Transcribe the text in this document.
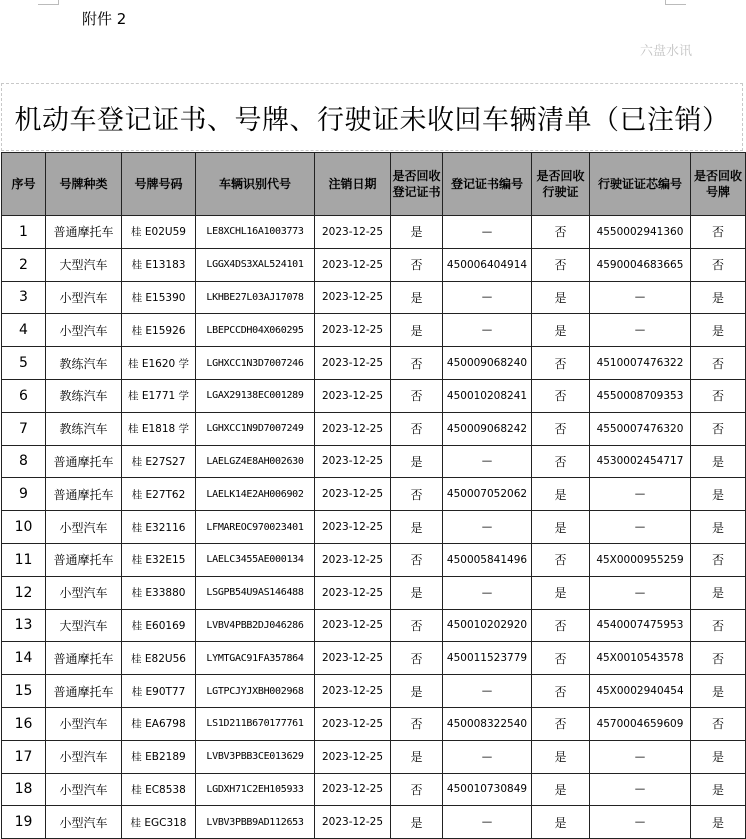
附件 2
六盘水讯
机动车登记证书、号牌、行驶证未收回车辆清单（已注销）
序号	号牌种类	号牌号码	车辆识别代号	注销日期	是否回收登记证书	登记证书编号	是否回收行驶证	行驶证证芯编号	是否回收号牌
1	普通摩托车	桂 E02U59	LE8XCHL16A1003773	2023-12-25	是	—	否	4550002941360	否
2	大型汽车	桂 E13183	LGGX4DS3XAL524101	2023-12-25	否	450006404914	否	4590004683665	否
3	小型汽车	桂 E15390	LKHBE27L03AJ17078	2023-12-25	是	—	是	—	是
4	小型汽车	桂 E15926	LBEPCCDH04X060295	2023-12-25	是	—	是	—	是
5	教练汽车	桂 E1620 学	LGHXCC1N3D7007246	2023-12-25	否	450009068240	否	4510007476322	否
6	教练汽车	桂 E1771 学	LGAX29138EC001289	2023-12-25	否	450010208241	否	4550008709353	否
7	教练汽车	桂 E1818 学	LGHXCC1N9D7007249	2023-12-25	否	450009068242	否	4550007476320	否
8	普通摩托车	桂 E27S27	LAELGZ4E8AH002630	2023-12-25	是	—	否	4530002454717	是
9	普通摩托车	桂 E27T62	LAELK14E2AH006902	2023-12-25	否	450007052062	是	—	是
10	小型汽车	桂 E32116	LFMAREOC970023401	2023-12-25	是	—	是	—	是
11	普通摩托车	桂 E32E15	LAELC3455AE000134	2023-12-25	否	450005841496	否	45X0000955259	否
12	小型汽车	桂 E33880	LSGPB54U9AS146488	2023-12-25	是	—	是	—	是
13	大型汽车	桂 E60169	LVBV4PBB2DJ046286	2023-12-25	否	450010202920	否	4540007475953	否
14	普通摩托车	桂 E82U56	LYMTGAC91FA357864	2023-12-25	否	450011523779	否	45X0010543578	否
15	普通摩托车	桂 E90T77	LGTPCJYJXBH002968	2023-12-25	是	—	否	45X0002940454	是
16	小型汽车	桂 EA6798	LS1D211B670177761	2023-12-25	否	450008322540	否	4570004659609	否
17	小型汽车	桂 EB2189	LVBV3PBB3CE013629	2023-12-25	是	—	是	—	是
18	小型汽车	桂 EC8538	LGDXH71C2EH105933	2023-12-25	否	450010730849	是	—	是
19	小型汽车	桂 EGC318	LVBV3PBB9AD112653	2023-12-25	是	—	是	—	是
